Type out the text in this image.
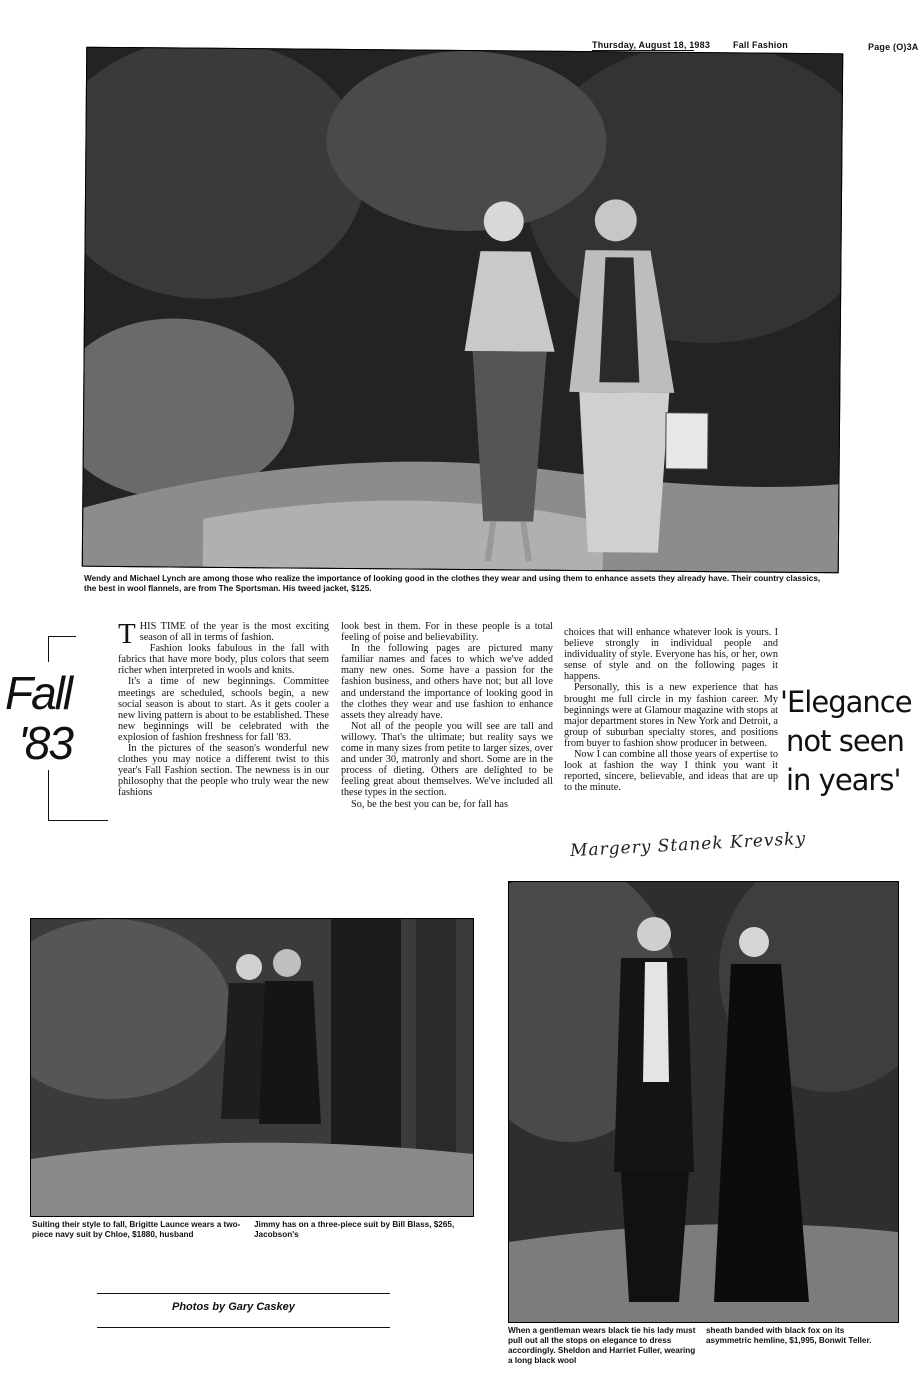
Thursday, August 18, 1983	Fall Fashion	Page (O)3A
Wendy and Michael Lynch are among those who realize the importance of looking good in the clothes they wear and using them to enhance assets they already have. Their country classics, the best in wool flannels, are from The Sportsman. His tweed jacket, $125.
Fall
'83
T HIS TIME of the year is the most exciting season of all in terms of fashion.

Fashion looks fabulous in the fall with fabrics that have more body, plus colors that seem richer when interpreted in wools and knits.

It's a time of new beginnings. Committee meetings are scheduled, schools begin, a new social season is about to start. As it gets cooler a new living pattern is about to be established. These new beginnings will be celebrated with the explosion of fashion freshness for fall '83.

In the pictures of the season's wonderful new clothes you may notice a different twist to this year's Fall Fashion section. The newness is in our philosophy that the people who truly wear the new fashions

look best in them. For in these people is a total feeling of poise and believability.

In the following pages are pictured many familiar names and faces to which we've added many new ones. Some have a passion for the fashion business, and others have not; but all love and understand the importance of looking good in the clothes they wear and use fashion to enhance assets they already have.

Not all of the people you will see are tall and willowy. That's the ultimate; but reality says we come in many sizes from petite to larger sizes, over and under 30, matronly and short. Some are in the process of dieting. Others are delighted to be feeling great about themselves. We've included all these types in the section.

So, be the best you can be, for fall has

choices that will enhance whatever look is yours. I believe strongly in individual people and individuality of style. Everyone has his, or her, own sense of style and on the following pages it happens.

Personally, this is a new experience that has brought me full circle in my fashion career. My beginnings were at Glamour magazine with stops at major department stores in New York and Detroit, a group of suburban specialty stores, and positions from buyer to fashion show producer in between.

Now I can combine all those years of expertise to look at fashion the way I think you want it reported, sincere, believable, and ideas that are up to the minute.

Margery Stanek Krevsky
'Elegance
not seen
in years'
Suiting their style to fall, Brigitte Launce wears a two-piece navy suit by Chloe, $1880, husband
Jimmy has on a three-piece suit by Bill Blass, $265, Jacobson's
Photos by Gary Caskey
When a gentleman wears black tie his lady must pull out all the stops on elegance to dress accordingly. Sheldon and Harriet Fuller, wearing a long black wool
sheath banded with black fox on its asymmetric hemline, $1,995, Bonwit Teller.
